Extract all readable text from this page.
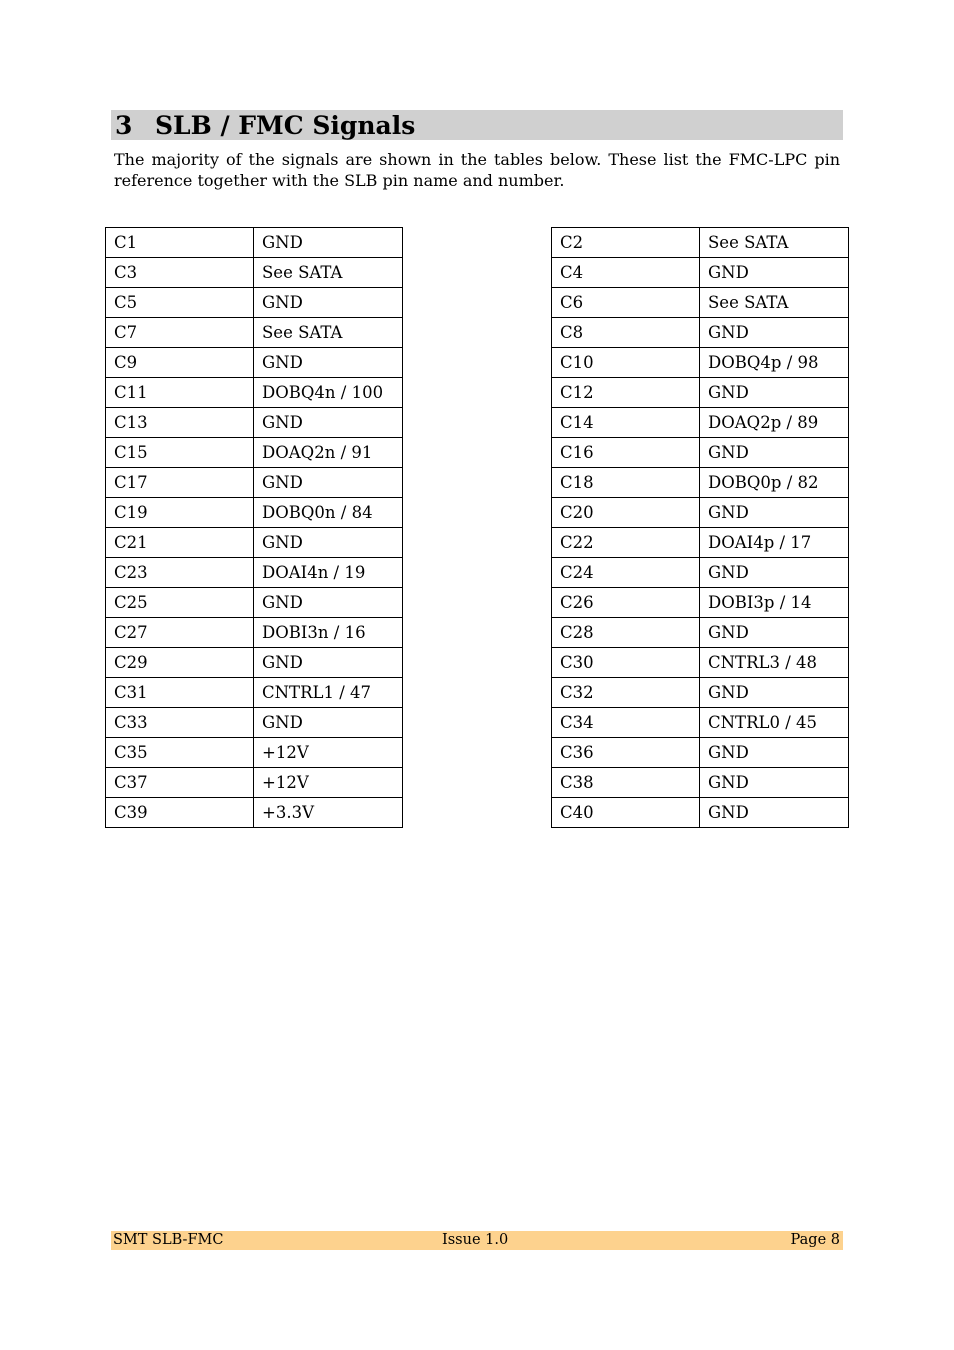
3 SLB / FMC Signals

The majority of the signals are shown in the tables below. These list the FMC-LPC pin reference together with the SLB pin name and number.

C1	GND
C3	See SATA
C5	GND
C7	See SATA
C9	GND
C11	DOBQ4n / 100
C13	GND
C15	DOAQ2n / 91
C17	GND
C19	DOBQ0n / 84
C21	GND
C23	DOAI4n / 19
C25	GND
C27	DOBI3n / 16
C29	GND
C31	CNTRL1 / 47
C33	GND
C35	+12V
C37	+12V
C39	+3.3V
C2	See SATA
C4	GND
C6	See SATA
C8	GND
C10	DOBQ4p / 98
C12	GND
C14	DOAQ2p / 89
C16	GND
C18	DOBQ0p / 82
C20	GND
C22	DOAI4p / 17
C24	GND
C26	DOBI3p / 14
C28	GND
C30	CNTRL3 / 48
C32	GND
C34	CNTRL0 / 45
C36	GND
C38	GND
C40	GND
SMT SLB-FMC	Issue 1.0	Page 8
